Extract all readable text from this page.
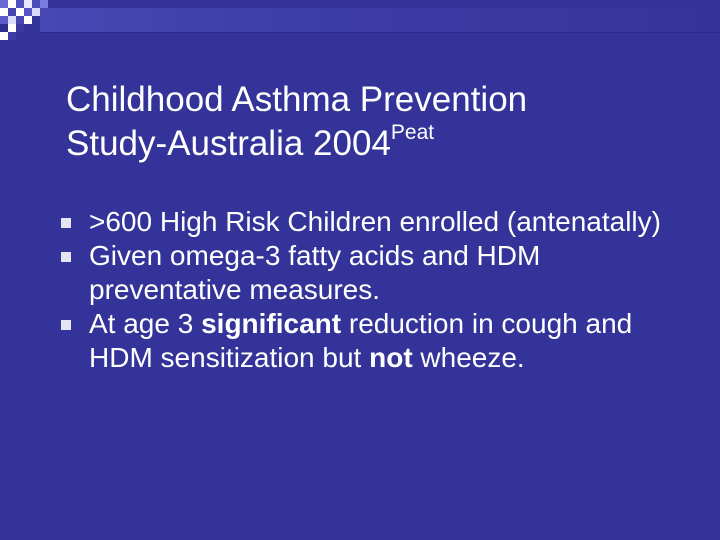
Childhood Asthma Prevention
Study-Australia $2004^{Peat}$
>600 High Risk Children enrolled (antenatally)
Given omega-3 fatty acids and HDM preventative measures.
At age 3 significant reduction in cough and HDM sensitization but not wheeze.
